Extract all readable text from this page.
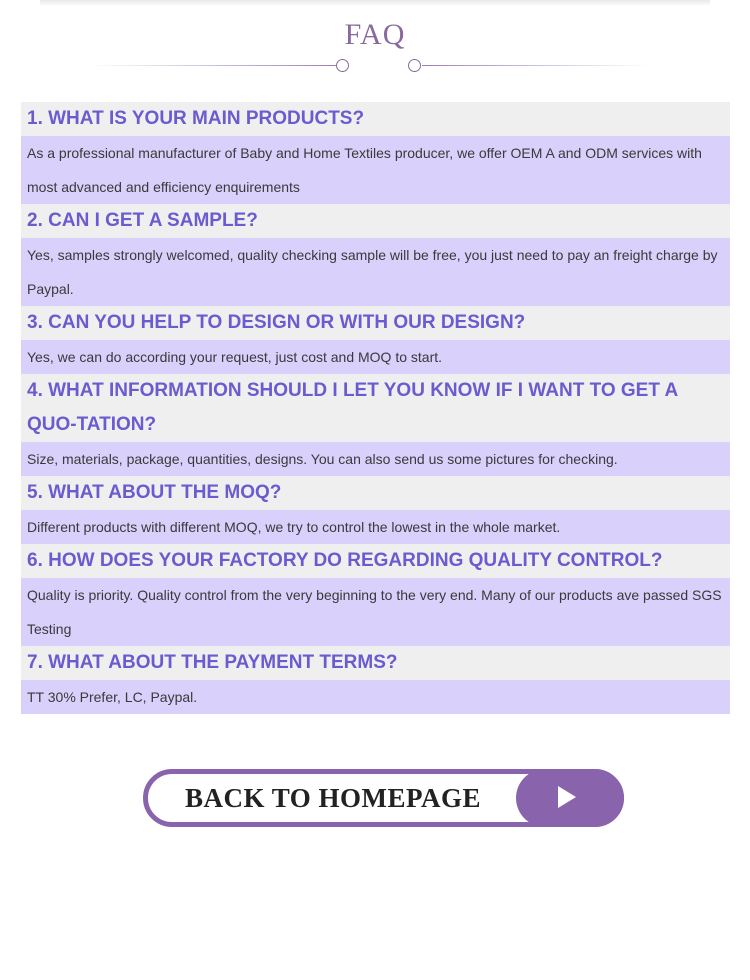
FAQ
1. WHAT IS YOUR MAIN PRODUCTS?
As a professional manufacturer of Baby and Home Textiles producer, we offer OEM A and ODM services with most advanced and efficiency enquirements
2. CAN I GET A SAMPLE?
Yes, samples strongly welcomed, quality checking sample will be free, you just need to pay an freight charge by Paypal.
3. CAN YOU HELP TO DESIGN OR WITH OUR DESIGN?
Yes, we can do according your request, just cost and MOQ to start.
4. WHAT INFORMATION SHOULD I LET YOU KNOW IF I WANT TO GET A QUO-TATION?
Size, materials, package, quantities, designs. You can also send us some pictures for checking.
5. WHAT ABOUT THE MOQ?
Different products with different MOQ, we try to control the lowest in the whole market.
6. HOW DOES YOUR FACTORY DO REGARDING QUALITY CONTROL?
Quality is priority. Quality control from the very beginning to the very end. Many of our products ave passed SGS Testing
7. WHAT ABOUT THE PAYMENT TERMS?
TT 30% Prefer, LC, Paypal.
BACK TO HOMEPAGE
